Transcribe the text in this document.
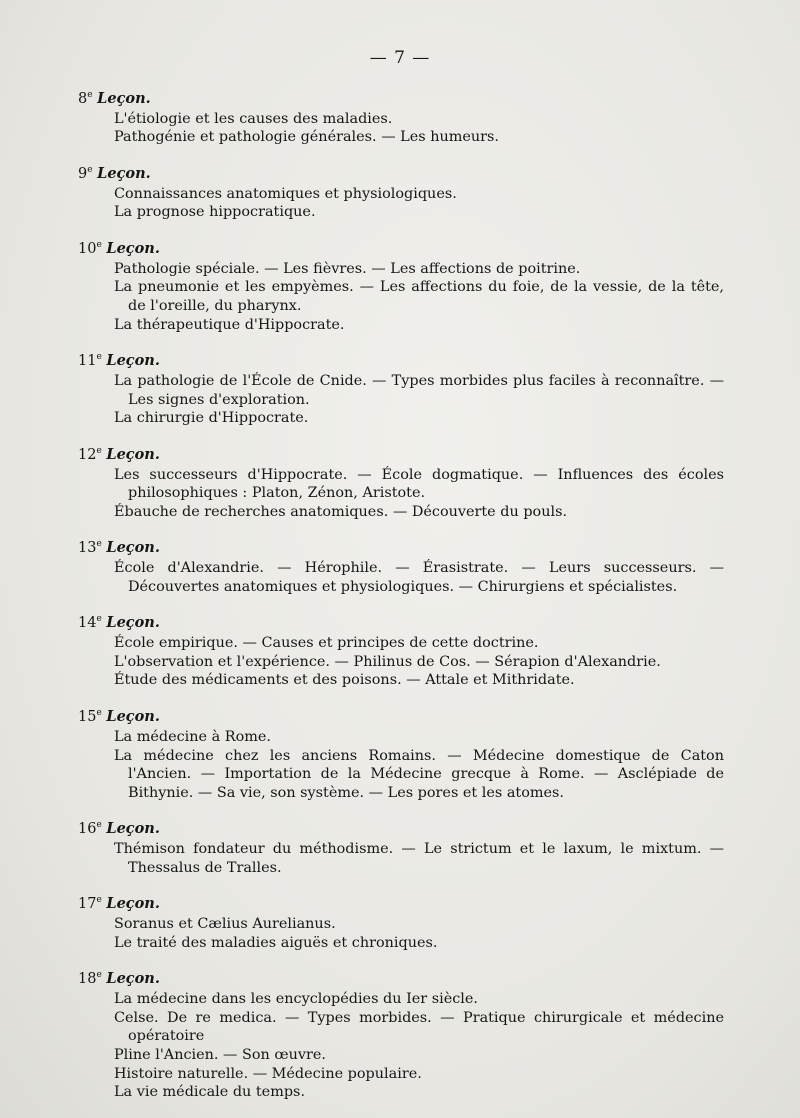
— 7 —
8e Leçon.
L'étiologie et les causes des maladies.
Pathogénie et pathologie générales. — Les humeurs.
9e Leçon.
Connaissances anatomiques et physiologiques.
La prognose hippocratique.
10e Leçon.
Pathologie spéciale. — Les fièvres. — Les affections de poitrine.
La pneumonie et les empyèmes. — Les affections du foie, de la vessie, de la tête, de l'oreille, du pharynx.
La thérapeutique d'Hippocrate.
11e Leçon.
La pathologie de l'École de Cnide. — Types morbides plus faciles à reconnaître. — Les signes d'exploration.
La chirurgie d'Hippocrate.
12e Leçon.
Les successeurs d'Hippocrate. — École dogmatique. — Influences des écoles philosophiques : Platon, Zénon, Aristote.
Ébauche de recherches anatomiques. — Découverte du pouls.
13e Leçon.
École d'Alexandrie. — Hérophile. — Érasistrate. — Leurs successeurs. — Découvertes anatomiques et physiologiques. — Chirurgiens et spécialistes.
14e Leçon.
École empirique. — Causes et principes de cette doctrine.
L'observation et l'expérience. — Philinus de Cos. — Sérapion d'Alexandrie.
Étude des médicaments et des poisons. — Attale et Mithridate.
15e Leçon.
La médecine à Rome.
La médecine chez les anciens Romains. — Médecine domestique de Caton l'Ancien. — Importation de la Médecine grecque à Rome. — Asclépiade de Bithynie. — Sa vie, son système. — Les pores et les atomes.
16e Leçon.
Thémison fondateur du méthodisme. — Le strictum et le laxum, le mixtum. — Thessalus de Tralles.
17e Leçon.
Soranus et Cælius Aurelianus.
Le traité des maladies aiguës et chroniques.
18e Leçon.
La médecine dans les encyclopédies du Ier siècle.
Celse. De re medica. — Types morbides. — Pratique chirurgicale et médecine opératoire
Pline l'Ancien. — Son œuvre.
Histoire naturelle. — Médecine populaire.
La vie médicale du temps.
